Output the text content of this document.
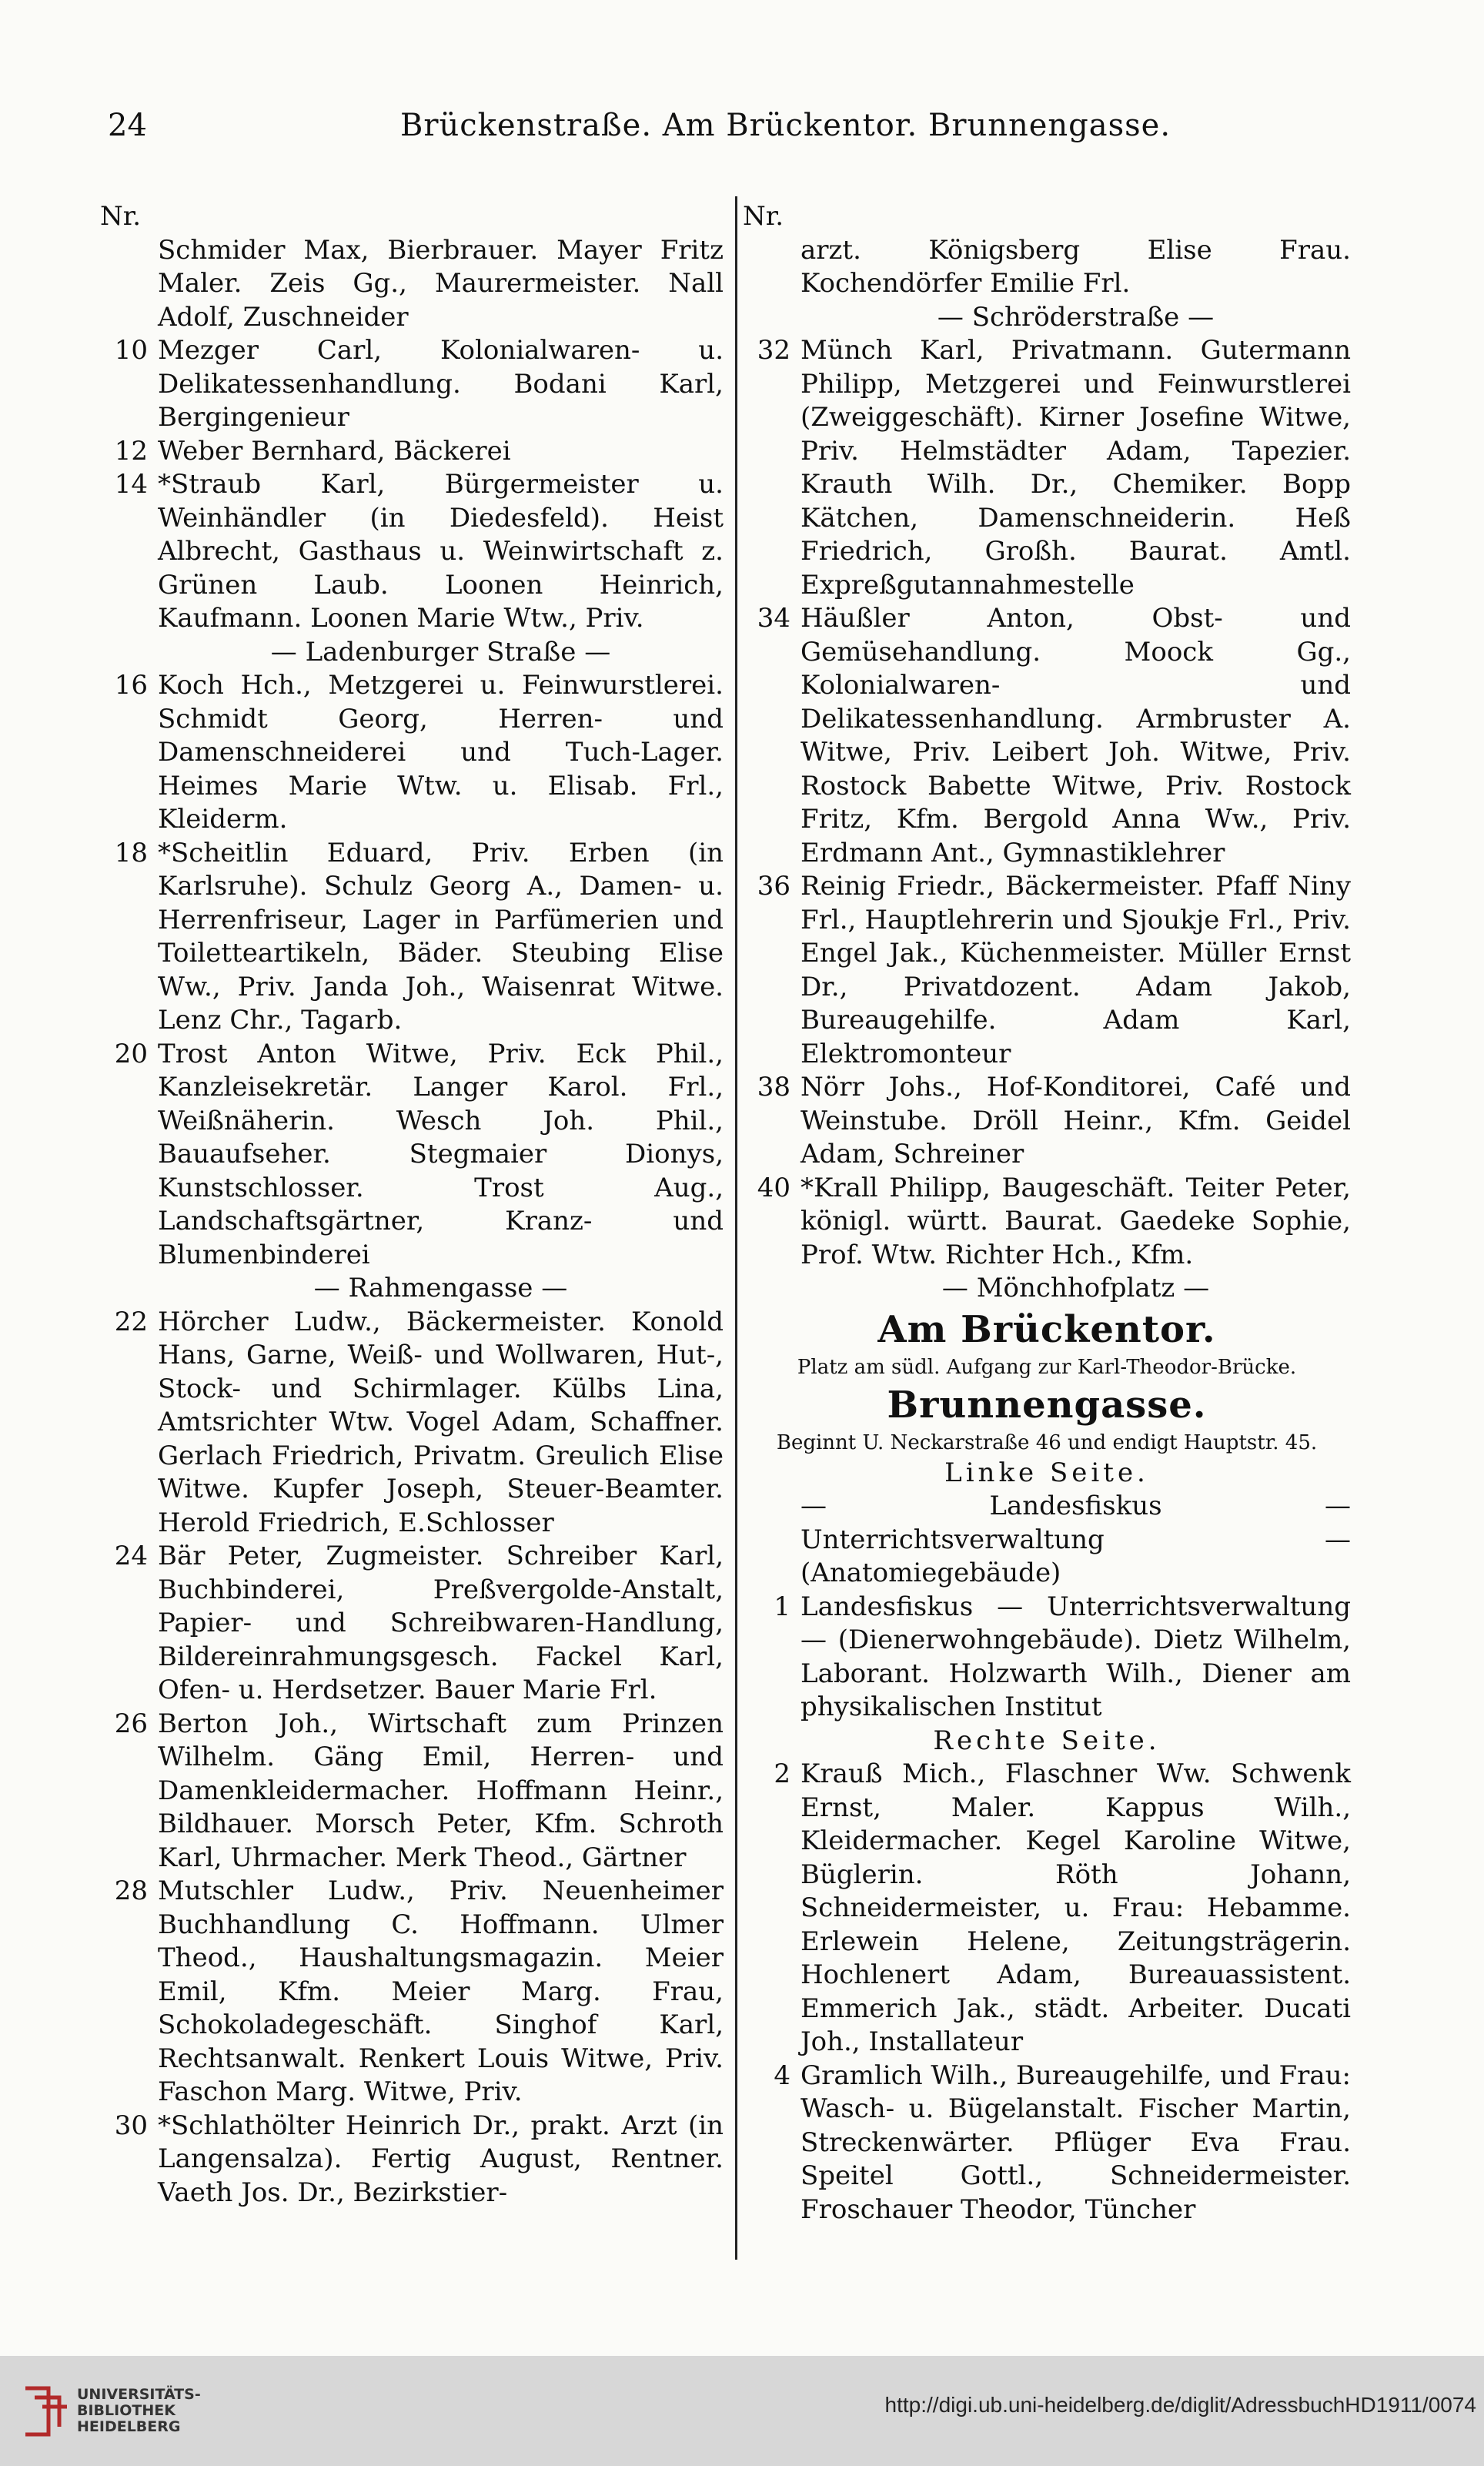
24	Brückenstraße. Am Brückentor. Brunnengasse.

Nr.

Schmider Max, Bierbrauer. Mayer Fritz Maler. Zeis Gg., Maurermeister. Nall Adolf, Zuschneider

10 Mezger Carl, Kolonialwaren- u. Delikatessenhandlung. Bodani Karl, Bergingenieur

12 Weber Bernhard, Bäckerei

14 *Straub Karl, Bürgermeister u. Weinhändler (in Diedesfeld). Heist Albrecht, Gasthaus u. Weinwirtschaft z. Grünen Laub. Loonen Heinrich, Kaufmann. Loonen Marie Wtw., Priv.

— Ladenburger Straße —

16 Koch Hch., Metzgerei u. Feinwurstlerei. Schmidt Georg, Herren- und Damenschneiderei und Tuch-Lager. Heimes Marie Wtw. u. Elisab. Frl., Kleiderm.

18 *Scheitlin Eduard, Priv. Erben (in Karlsruhe). Schulz Georg A., Damen- u. Herrenfriseur, Lager in Parfümerien und Toiletteartikeln, Bäder. Steubing Elise Ww., Priv. Janda Joh., Waisenrat Witwe. Lenz Chr., Tagarb.

20 Trost Anton Witwe, Priv. Eck Phil., Kanzleisekretär. Langer Karol. Frl., Weißnäherin. Wesch Joh. Phil., Bauaufseher. Stegmaier Dionys, Kunstschlosser. Trost Aug., Landschaftsgärtner, Kranz- und Blumenbinderei

— Rahmengasse —

22 Hörcher Ludw., Bäckermeister. Konold Hans, Garne, Weiß- und Wollwaren, Hut-, Stock- und Schirmlager. Külbs Lina, Amtsrichter Wtw. Vogel Adam, Schaffner. Gerlach Friedrich, Privatm. Greulich Elise Witwe. Kupfer Joseph, Steuer-Beamter. Herold Friedrich, E.Schlosser

24 Bär Peter, Zugmeister. Schreiber Karl, Buchbinderei, Preßvergolde-Anstalt, Papier- und Schreibwaren-Handlung, Bildereinrahmungsgesch. Fackel Karl, Ofen- u. Herdsetzer. Bauer Marie Frl.

26 Berton Joh., Wirtschaft zum Prinzen Wilhelm. Gäng Emil, Herren- und Damenkleidermacher. Hoffmann Heinr., Bildhauer. Morsch Peter, Kfm. Schroth Karl, Uhrmacher. Merk Theod., Gärtner

28 Mutschler Ludw., Priv. Neuenheimer Buchhandlung C. Hoffmann. Ulmer Theod., Haushaltungsmagazin. Meier Emil, Kfm. Meier Marg. Frau, Schokoladegeschäft. Singhof Karl, Rechtsanwalt. Renkert Louis Witwe, Priv. Faschon Marg. Witwe, Priv.

30 *Schlathölter Heinrich Dr., prakt. Arzt (in Langensalza). Fertig August, Rentner. Vaeth Jos. Dr., Bezirkstier-

Nr.

arzt. Königsberg Elise Frau. Kochendörfer Emilie Frl.

— Schröderstraße —

32 Münch Karl, Privatmann. Gutermann Philipp, Metzgerei und Feinwurstlerei (Zweiggeschäft). Kirner Josefine Witwe, Priv. Helmstädter Adam, Tapezier. Krauth Wilh. Dr., Chemiker. Bopp Kätchen, Damenschneiderin. Heß Friedrich, Großh. Baurat. Amtl. Expreßgutannahmestelle

34 Häußler Anton, Obst- und Gemüsehandlung. Moock Gg., Kolonialwaren- und Delikatessenhandlung. Armbruster A. Witwe, Priv. Leibert Joh. Witwe, Priv. Rostock Babette Witwe, Priv. Rostock Fritz, Kfm. Bergold Anna Ww., Priv. Erdmann Ant., Gymnastiklehrer

36 Reinig Friedr., Bäckermeister. Pfaff Niny Frl., Hauptlehrerin und Sjoukje Frl., Priv. Engel Jak., Küchenmeister. Müller Ernst Dr., Privatdozent. Adam Jakob, Bureaugehilfe. Adam Karl, Elektromonteur

38 Nörr Johs., Hof-Konditorei, Café und Weinstube. Dröll Heinr., Kfm. Geidel Adam, Schreiner

40 *Krall Philipp, Baugeschäft. Teiter Peter, königl. württ. Baurat. Gaedeke Sophie, Prof. Wtw. Richter Hch., Kfm.

— Mönchhofplatz —

Am Brückentor.

Platz am südl. Aufgang zur Karl-Theodor-Brücke.

Brunnengasse.

Beginnt U. Neckarstraße 46 und endigt Hauptstr. 45.

Linke Seite.

— Landesfiskus — Unterrichtsverwaltung — (Anatomiegebäude)

1 Landesfiskus — Unterrichtsverwaltung — (Dienerwohngebäude). Dietz Wilhelm, Laborant. Holzwarth Wilh., Diener am physikalischen Institut

Rechte Seite.

2 Krauß Mich., Flaschner Ww. Schwenk Ernst, Maler. Kappus Wilh., Kleidermacher. Kegel Karoline Witwe, Büglerin. Röth Johann, Schneidermeister, u. Frau: Hebamme. Erlewein Helene, Zeitungsträgerin. Hochlenert Adam, Bureauassistent. Emmerich Jak., städt. Arbeiter. Ducati Joh., Installateur

4 Gramlich Wilh., Bureaugehilfe, und Frau: Wasch- u. Bügelanstalt. Fischer Martin, Streckenwärter. Pflüger Eva Frau. Speitel Gottl., Schneidermeister. Froschauer Theodor, Tüncher

UNIVERSITÄTS-
BIBLIOTHEK
HEIDELBERG
http://digi.ub.uni-heidelberg.de/diglit/AdressbuchHD1911/0074
